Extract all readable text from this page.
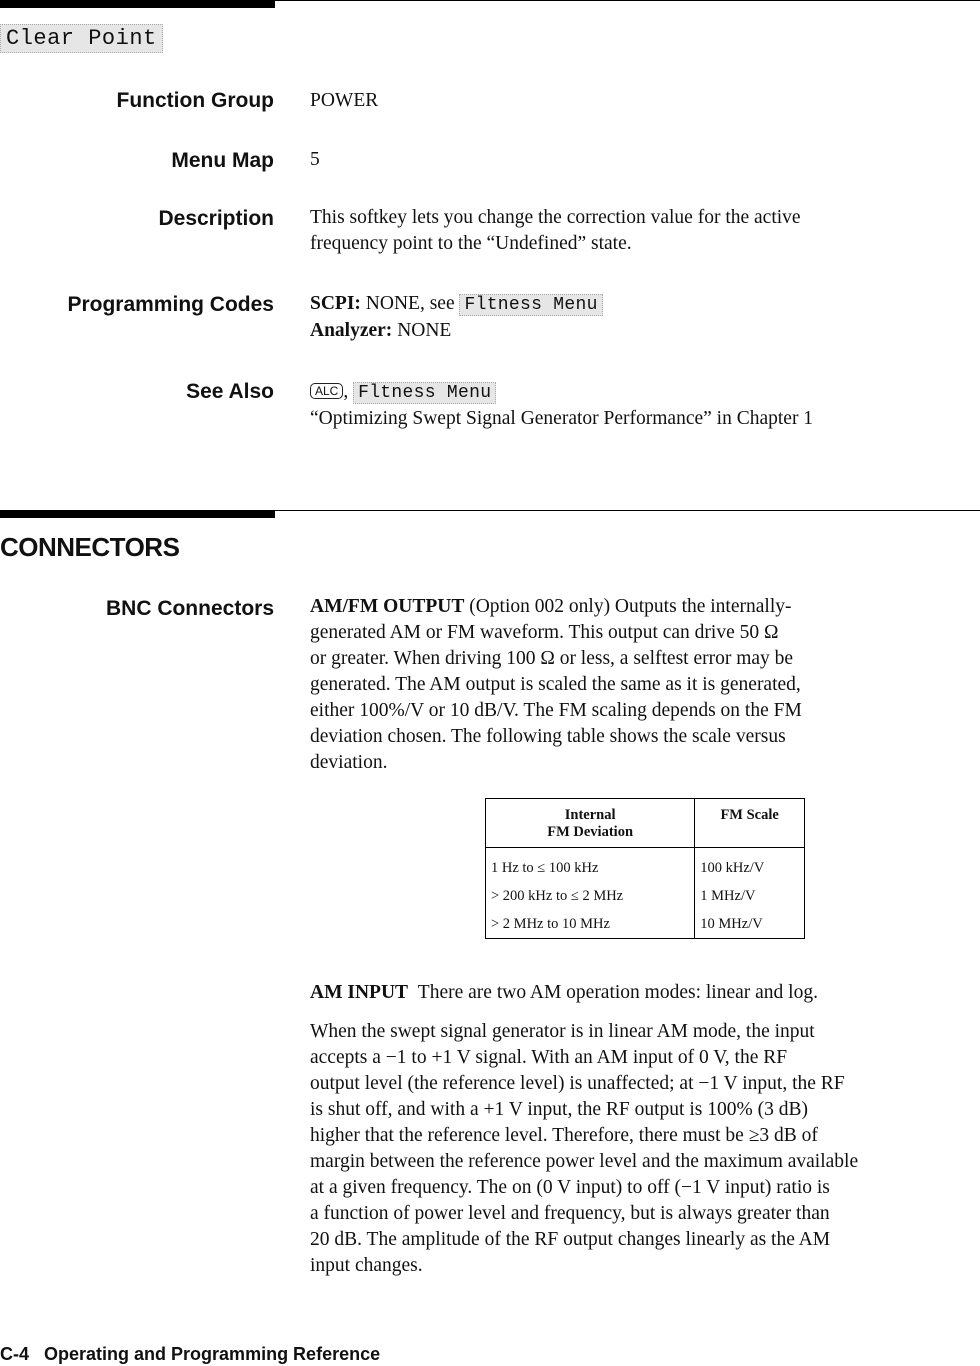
Clear Point
Function Group POWER
Menu Map 5
Description This softkey lets you change the correction value for the active
frequency point to the “Undefined” state.
Programming Codes SCPI: NONE, see Fltness Menu
Analyzer: NONE
See Also	ALC , Fltness Menu
“Optimizing Swept Signal Generator Performance” in Chapter 1
CONNECTORS
BNC Connectors AM/FM OUTPUT (Option 002 only) Outputs the internally-
generated AM or FM waveform. This output can drive 50 Ω
or greater. When driving 100 Ω or less, a selftest error may be
generated. The AM output is scaled the same as it is generated,
either 100%/V or 10 dB/V. The FM scaling depends on the FM
deviation chosen. The following table shows the scale versus
deviation.
Internal
FM Deviation	FM Scale
1 Hz to ≤ 100 kHz	100 kHz/V
> 200 kHz to ≤ 2 MHz	1 MHz/V
> 2 MHz to 10 MHz	10 MHz/V
AM INPUT There are two AM operation modes: linear and log.
When the swept signal generator is in linear AM mode, the input
accepts a −1 to +1 V signal. With an AM input of 0 V, the RF
output level (the reference level) is unaffected; at −1 V input, the RF
is shut off, and with a +1 V input, the RF output is 100% (3 dB)
higher that the reference level. Therefore, there must be ≥3 dB of
margin between the reference power level and the maximum available
at a given frequency. The on (0 V input) to off (−1 V input) ratio is
a function of power level and frequency, but is always greater than
20 dB. The amplitude of the RF output changes linearly as the AM
input changes.
C-4 Operating and Programming Reference
